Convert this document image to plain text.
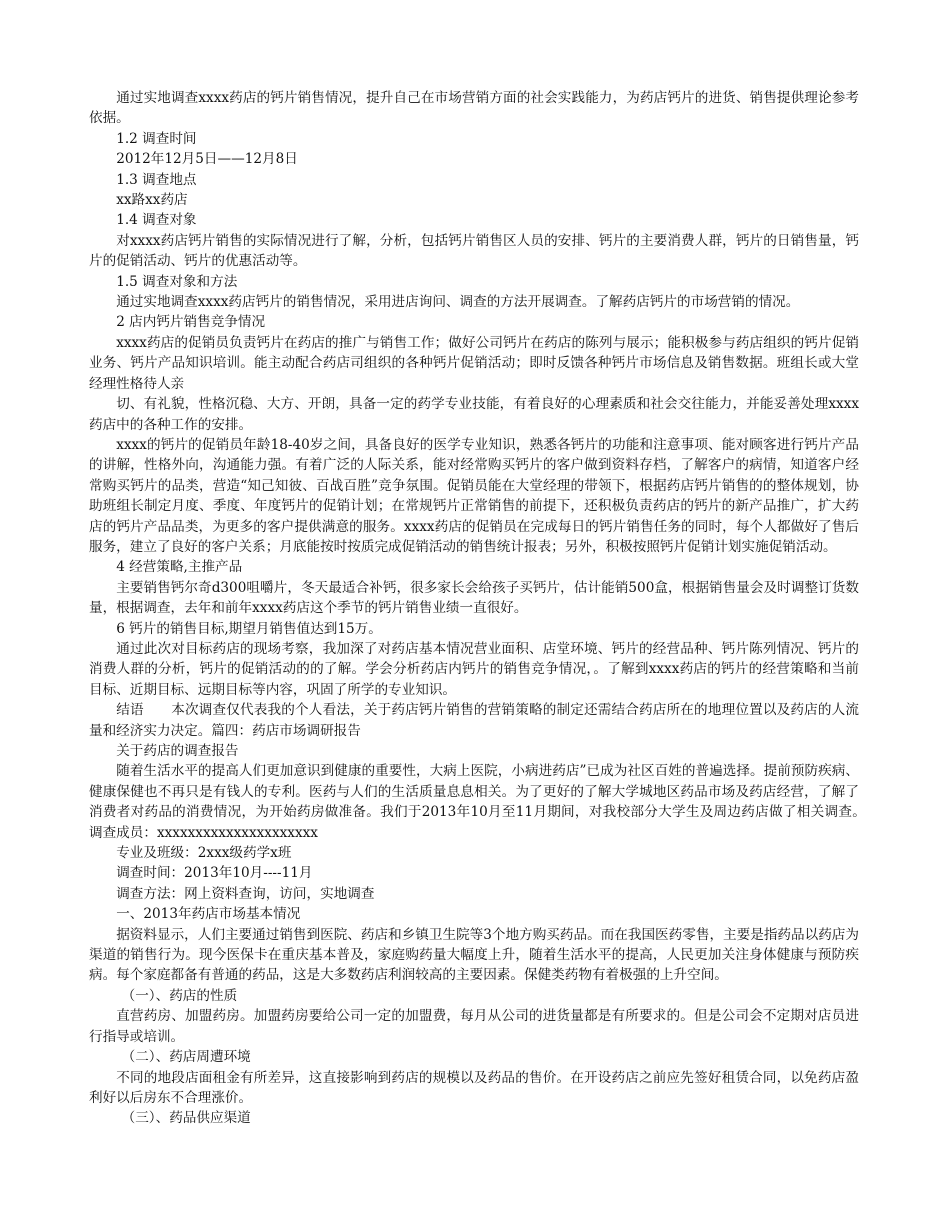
通过实地调查xxxx药店的钙片销售情况，提升自己在市场营销方面的社会实践能力，为药店钙片的进货、销售提供理论参考依据。

1.2 调查时间

2012年12月5日——12月8日

1.3 调查地点

xx路xx药店

1.4 调查对象

对xxxx药店钙片销售的实际情况进行了解，分析，包括钙片销售区人员的安排、钙片的主要消费人群，钙片的日销售量，钙片的促销活动、钙片的优惠活动等。

1.5 调查对象和方法

通过实地调查xxxx药店钙片的销售情况，采用进店询问、调查的方法开展调查。了解药店钙片的市场营销的情况。

2 店内钙片销售竞争情况

xxxx药店的促销员负责钙片在药店的推广与销售工作；做好公司钙片在药店的陈列与展示；能积极参与药店组织的钙片促销业务、钙片产品知识培训。能主动配合药店司组织的各种钙片促销活动；即时反馈各种钙片市场信息及销售数据。班组长或大堂经理性格待人亲

切、有礼貌，性格沉稳、大方、开朗，具备一定的药学专业技能，有着良好的心理素质和社会交往能力，并能妥善处理xxxx药店中的各种工作的安排。

xxxx的钙片的促销员年龄18-40岁之间，具备良好的医学专业知识，熟悉各钙片的功能和注意事项、能对顾客进行钙片产品的讲解，性格外向，沟通能力强。有着广泛的人际关系，能对经常购买钙片的客户做到资料存档，了解客户的病情，知道客户经常购买钙片的品类，营造“知己知彼、百战百胜”竞争氛围。促销员能在大堂经理的带领下，根据药店钙片销售的的整体规划，协助班组长制定月度、季度、年度钙片的促销计划；在常规钙片正常销售的前提下，还积极负责药店的钙片的新产品推广，扩大药店的钙片产品品类，为更多的客户提供满意的服务。xxxx药店的促销员在完成每日的钙片销售任务的同时，每个人都做好了售后服务，建立了良好的客户关系；月底能按时按质完成促销活动的销售统计报表；另外，积极按照钙片促销计划实施促销活动。

4 经营策略,主推产品

主要销售钙尔奇d300咀嚼片，冬天最适合补钙，很多家长会给孩子买钙片，估计能销500盒，根据销售量会及时调整订货数量，根据调查，去年和前年xxxx药店这个季节的钙片销售业绩一直很好。

6 钙片的销售目标,期望月销售值达到15万。

通过此次对目标药店的现场考察，我加深了对药店基本情况营业面积、店堂环境、钙片的经营品种、钙片陈列情况、钙片的消费人群的分析，钙片的促销活动的的了解。学会分析药店内钙片的销售竞争情况，。了解到xxxx药店的钙片的经营策略和当前目标、近期目标、远期目标等内容，巩固了所学的专业知识。

结语　　本次调查仅代表我的个人看法，关于药店钙片销售的营销策略的制定还需结合药店所在的地理位置以及药店的人流量和经济实力决定。篇四：药店市场调研报告

关于药店的调查报告

随着生活水平的提高人们更加意识到健康的重要性，大病上医院，小病进药店”已成为社区百姓的普遍选择。提前预防疾病、健康保健也不再只是有钱人的专利。医药与人们的生活质量息息相关。为了更好的了解大学城地区药品市场及药店经营，了解了消费者对药品的消费情况，为开始药房做准备。我们于2013年10月至11月期间，对我校部分大学生及周边药店做了相关调查。　调查成员：xxxxxxxxxxxxxxxxxxxxx

专业及班级：2xxx级药学x班

调查时间：2013年10月----11月

调查方法：网上资料查询，访问，实地调查

一、2013年药店市场基本情况

据资料显示，人们主要通过销售到医院、药店和乡镇卫生院等3个地方购买药品。而在我国医药零售，主要是指药品以药店为渠道的销售行为。现今医保卡在重庆基本普及，家庭购药量大幅度上升，随着生活水平的提高，人民更加关注身体健康与预防疾病。每个家庭都备有普通的药品，这是大多数药店利润较高的主要因素。保健类药物有着极强的上升空间。

（一）、药店的性质

直营药房、加盟药房。加盟药房要给公司一定的加盟费，每月从公司的进货量都是有所要求的。但是公司会不定期对店员进行指导或培训。

（二）、药店周遭环境

不同的地段店面租金有所差异，这直接影响到药店的规模以及药品的售价。在开设药店之前应先签好租赁合同，以免药店盈利好以后房东不合理涨价。

（三）、药品供应渠道
